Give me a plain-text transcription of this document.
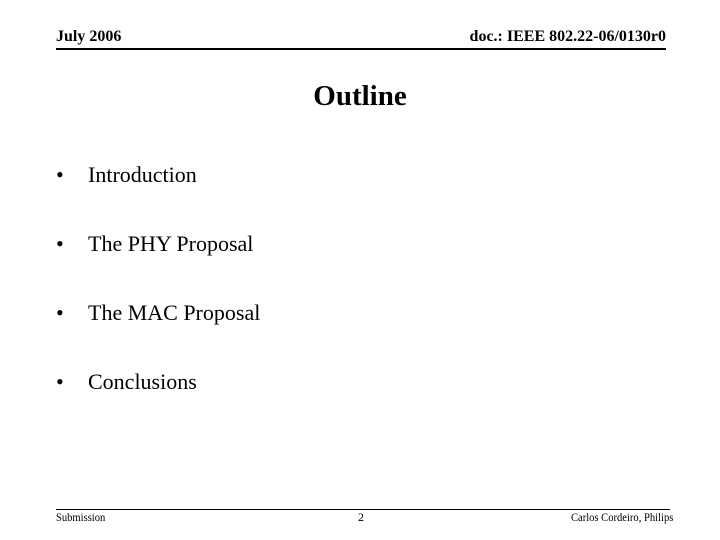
July 2006	doc.: IEEE 802.22-06/0130r0
Outline
• Introduction
• The PHY Proposal
• The MAC Proposal
• Conclusions
Submission	2	Carlos Cordeiro, Philips
